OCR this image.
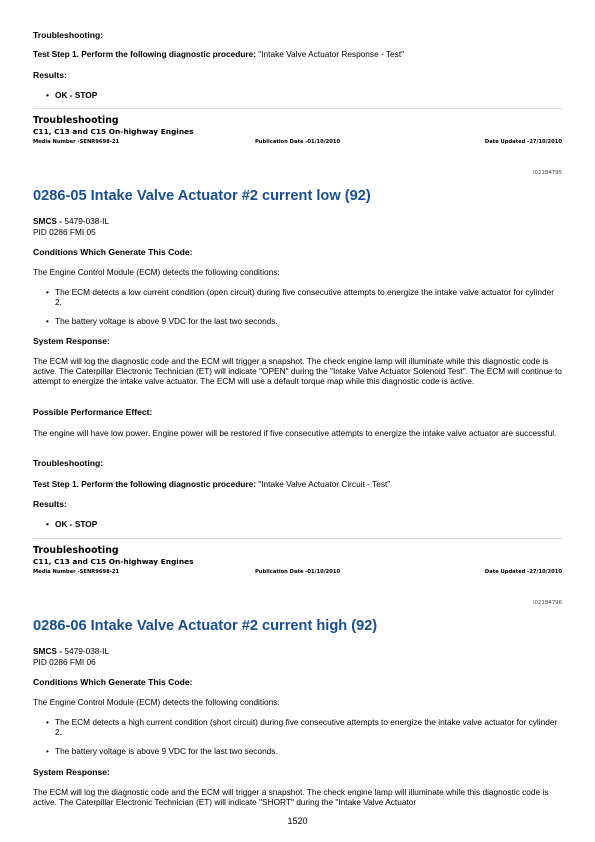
Troubleshooting:
Test Step 1. Perform the following diagnostic procedure: "Intake Valve Actuator Response - Test"
Results:
• OK - STOP
Troubleshooting
C11, C13 and C15 On-highway Engines
Media Number -SENR9698-21	Publication Date -01/10/2010	Date Updated -27/10/2010
i02184795
0286-05 Intake Valve Actuator #2 current low (92)
SMCS - 5479-038-IL
PID 0286 FMI 05
Conditions Which Generate This Code:
The Engine Control Module (ECM) detects the following conditions:
• The ECM detects a low current condition (open circuit) during five consecutive attempts to energize the intake valve actuator for cylinder 2.
• The battery voltage is above 9 VDC for the last two seconds.
System Response:
The ECM will log the diagnostic code and the ECM will trigger a snapshot. The check engine lamp will illuminate while this diagnostic code is active. The Caterpillar Electronic Technician (ET) will indicate "OPEN" during the "Intake Valve Actuator Solenoid Test". The ECM will continue to attempt to energize the intake valve actuator. The ECM will use a default torque map while this diagnostic code is active.
Possible Performance Effect:
The engine will have low power. Engine power will be restored if five consecutive attempts to energize the intake valve actuator are successful.
Troubleshooting:
Test Step 1. Perform the following diagnostic procedure: "Intake Valve Actuator Circuit - Test"
Results:
• OK - STOP
Troubleshooting
C11, C13 and C15 On-highway Engines
Media Number -SENR9698-21	Publication Date -01/10/2010	Date Updated -27/10/2010
i02184796
0286-06 Intake Valve Actuator #2 current high (92)
SMCS - 5479-038-IL
PID 0286 FMI 06
Conditions Which Generate This Code:
The Engine Control Module (ECM) detects the following conditions:
• The ECM detects a high current condition (short circuit) during five consecutive attempts to energize the intake valve actuator for cylinder 2.
• The battery voltage is above 9 VDC for the last two seconds.
System Response:
The ECM will log the diagnostic code and the ECM will trigger a snapshot. The check engine lamp will illuminate while this diagnostic code is active. The Caterpillar Electronic Technician (ET) will indicate "SHORT" during the "Intake Valve Actuator
1520
